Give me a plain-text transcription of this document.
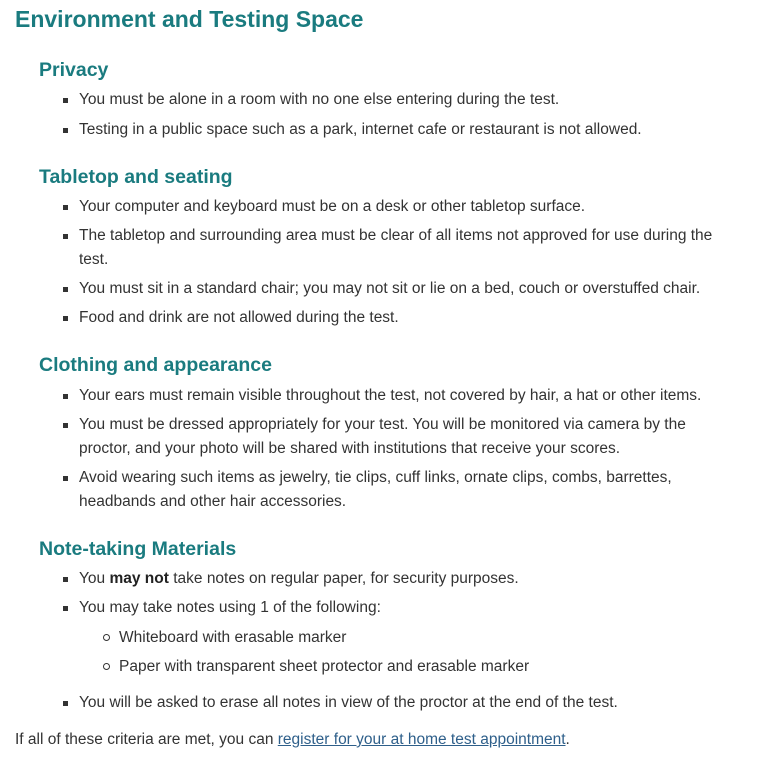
Environment and Testing Space
Privacy
You must be alone in a room with no one else entering during the test.
Testing in a public space such as a park, internet cafe or restaurant is not allowed.
Tabletop and seating
Your computer and keyboard must be on a desk or other tabletop surface.
The tabletop and surrounding area must be clear of all items not approved for use during the test.
You must sit in a standard chair; you may not sit or lie on a bed, couch or overstuffed chair.
Food and drink are not allowed during the test.
Clothing and appearance
Your ears must remain visible throughout the test, not covered by hair, a hat or other items.
You must be dressed appropriately for your test. You will be monitored via camera by the proctor, and your photo will be shared with institutions that receive your scores.
Avoid wearing such items as jewelry, tie clips, cuff links, ornate clips, combs, barrettes, headbands and other hair accessories.
Note-taking Materials
You may not take notes on regular paper, for security purposes.
You may take notes using 1 of the following:
Whiteboard with erasable marker
Paper with transparent sheet protector and erasable marker
You will be asked to erase all notes in view of the proctor at the end of the test.
If all of these criteria are met, you can register for your at home test appointment.
